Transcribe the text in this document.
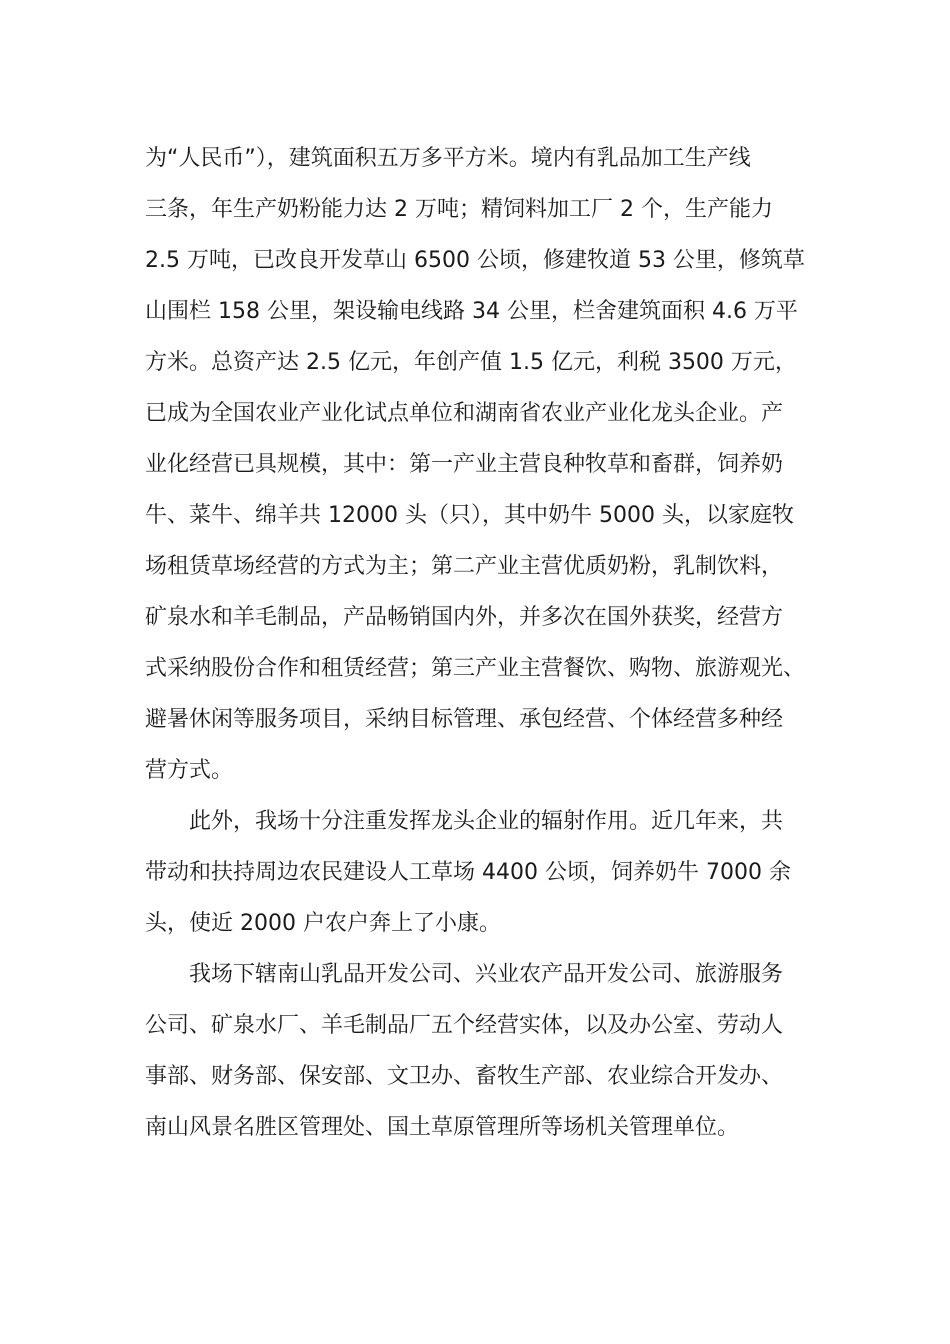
为“人民币”），建筑面积五万多平方米。境内有乳品加工生产线
三条，年生产奶粉能力达 2 万吨；精饲料加工厂 2 个，生产能力
2.5 万吨，已改良开发草山 6500 公顷，修建牧道 53 公里，修筑草
山围栏 158 公里，架设输电线路 34 公里，栏舍建筑面积 4.6 万平
方米。总资产达 2.5 亿元，年创产值 1.5 亿元，利税 3500 万元，
已成为全国农业产业化试点单位和湖南省农业产业化龙头企业。产
业化经营已具规模，其中：第一产业主营良种牧草和畜群，饲养奶
牛、菜牛、绵羊共 12000 头（只），其中奶牛 5000 头，以家庭牧
场租赁草场经营的方式为主；第二产业主营优质奶粉，乳制饮料，
矿泉水和羊毛制品，产品畅销国内外，并多次在国外获奖，经营方
式采纳股份合作和租赁经营；第三产业主营餐饮、购物、旅游观光、
避暑休闲等服务项目，采纳目标管理、承包经营、个体经营多种经
营方式。
此外，我场十分注重发挥龙头企业的辐射作用。近几年来，共
带动和扶持周边农民建设人工草场 4400 公顷，饲养奶牛 7000 余
头，使近 2000 户农户奔上了小康。
我场下辖南山乳品开发公司、兴业农产品开发公司、旅游服务
公司、矿泉水厂、羊毛制品厂五个经营实体，以及办公室、劳动人
事部、财务部、保安部、文卫办、畜牧生产部、农业综合开发办、
南山风景名胜区管理处、国土草原管理所等场机关管理单位。
